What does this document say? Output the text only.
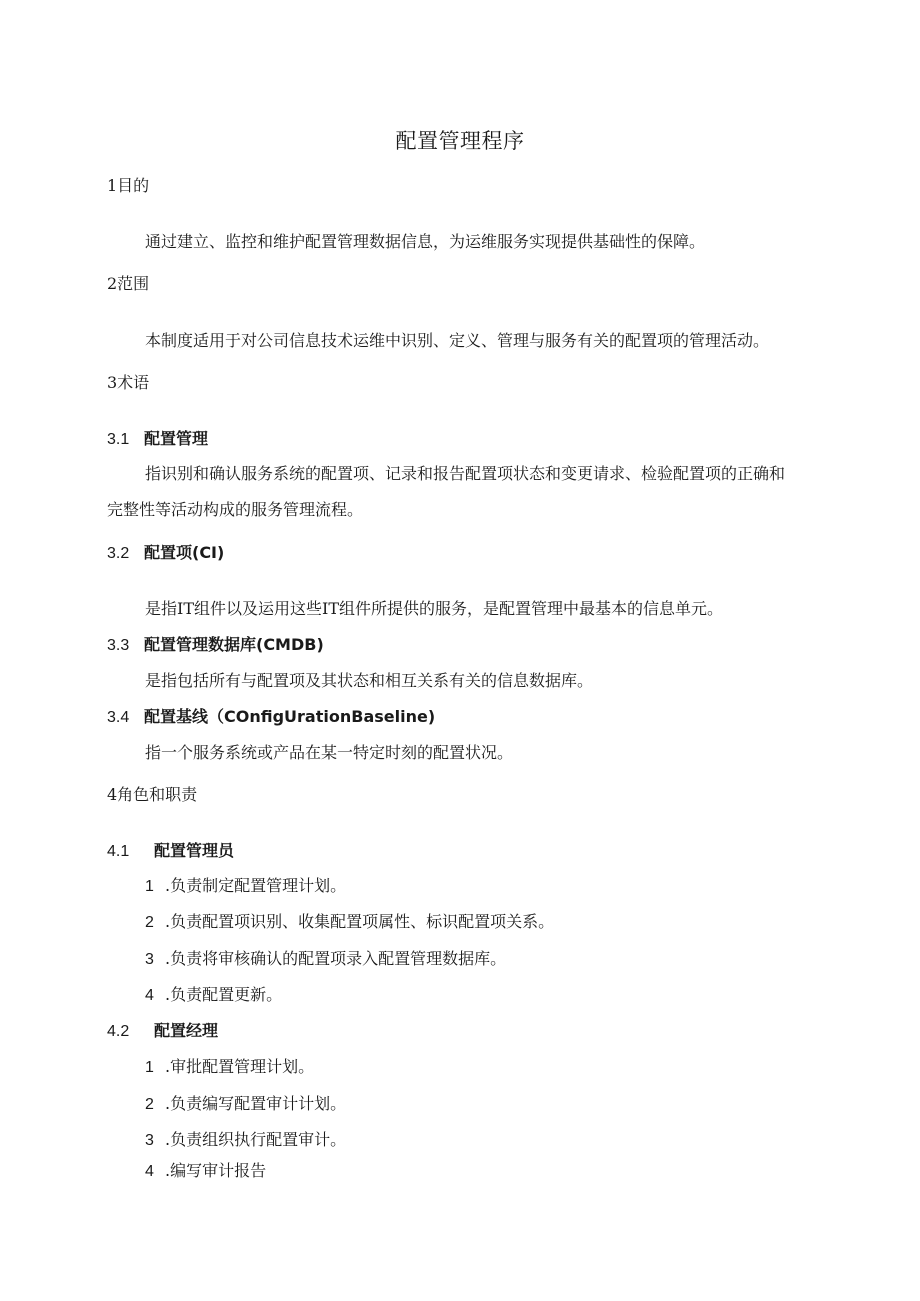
配置管理程序
1目的
通过建立、监控和维护配置管理数据信息，为运维服务实现提供基础性的保障。
2范围
本制度适用于对公司信息技术运维中识别、定义、管理与服务有关的配置项的管理活动。
3术语
3.1 配置管理
指识别和确认服务系统的配置项、记录和报告配置项状态和变更请求、检验配置项的正确和
完整性等活动构成的服务管理流程。
3.2 配置项(CI)
是指IT组件以及运用这些IT组件所提供的服务，是配置管理中最基本的信息单元。
3.3 配置管理数据库(CMDB)
是指包括所有与配置项及其状态和相互关系有关的信息数据库。
3.4 配置基线（COnfigUrationBaseline)
指一个服务系统或产品在某一特定时刻的配置状况。
4角色和职责
4.1 配置管理员
1 .负责制定配置管理计划。
2 .负责配置项识别、收集配置项属性、标识配置项关系。
3 .负责将审核确认的配置项录入配置管理数据库。
4 .负责配置更新。
4.2 配置经理
1 .审批配置管理计划。
2 .负责编写配置审计计划。
3 .负责组织执行配置审计。
4 .编写审计报告
